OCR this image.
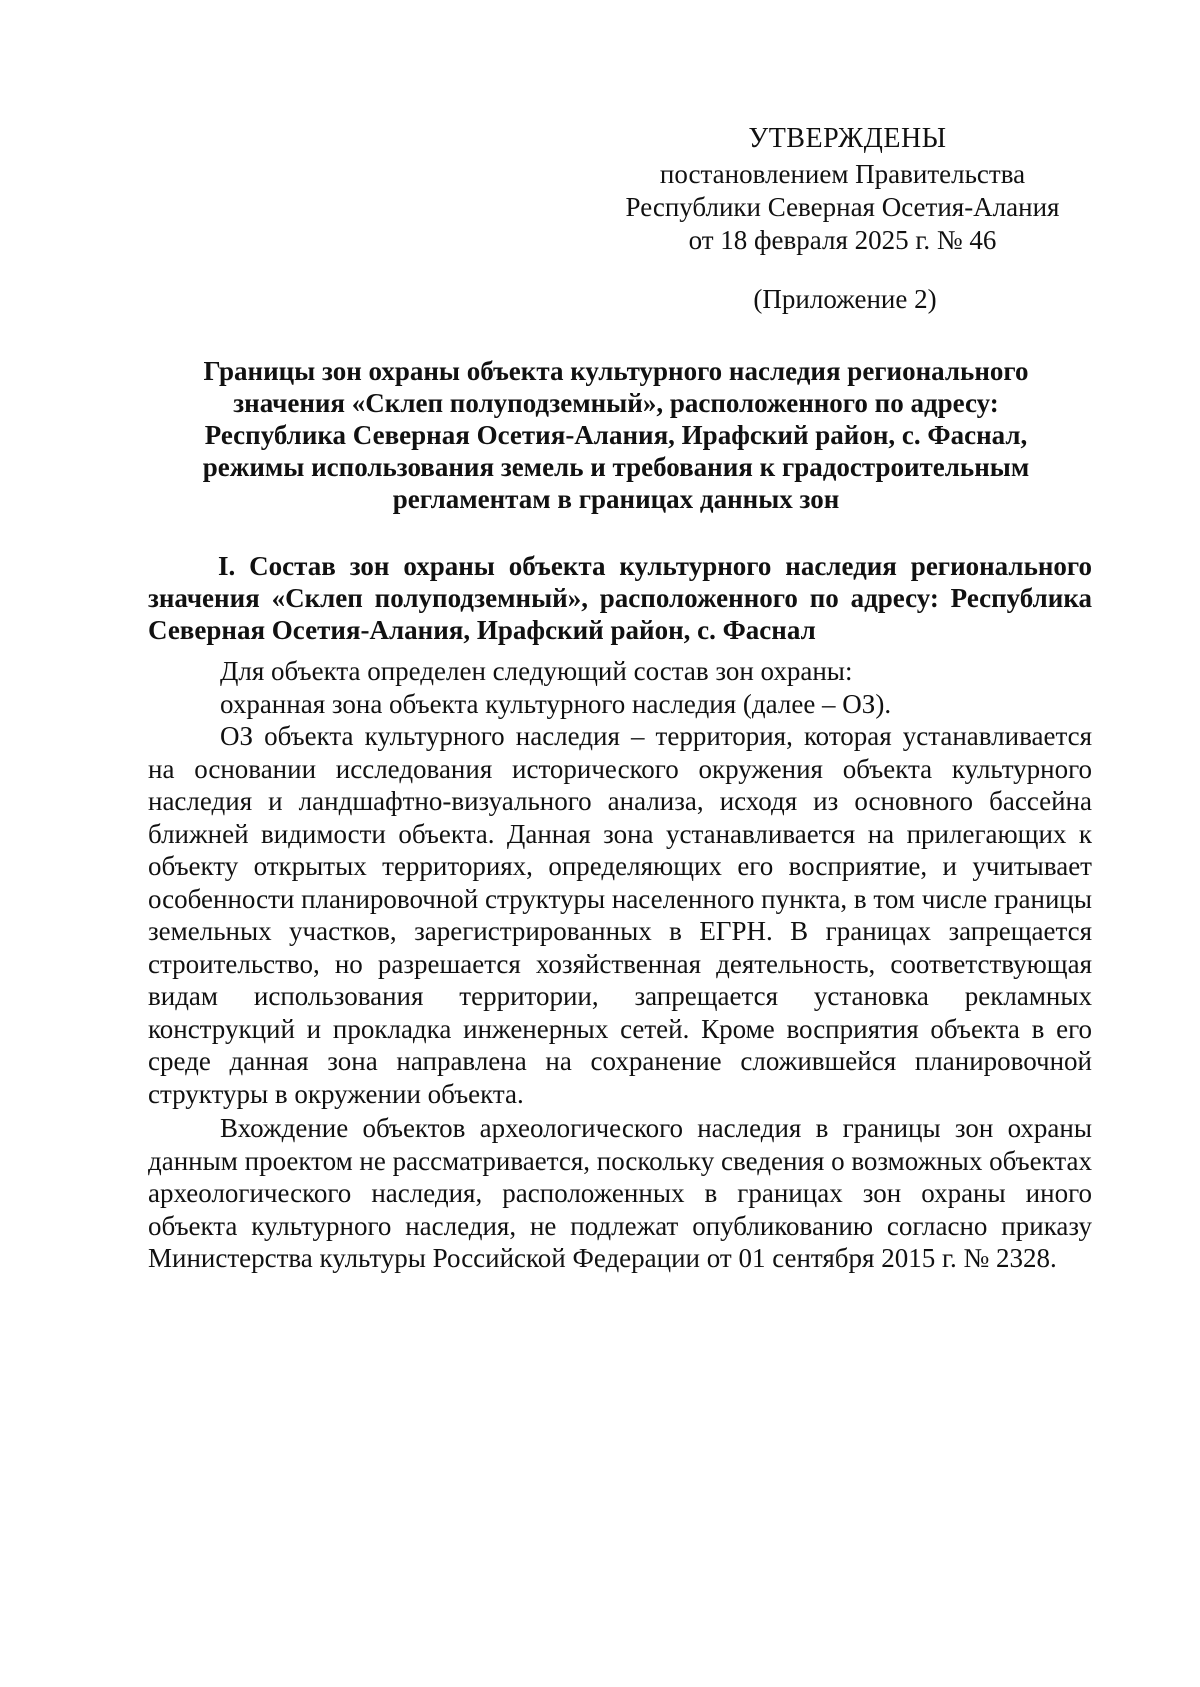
УТВЕРЖДЕНЫ
постановлением Правительства
Республики Северная Осетия-Алания
от 18 февраля 2025 г. № 46
(Приложение 2)
Границы зон охраны объекта культурного наследия регионального
значения «Склеп полуподземный», расположенного по адресу:
Республика Северная Осетия-Алания, Ирафский район, с. Фаснал,
режимы использования земель и требования к градостроительным
регламентам в границах данных зон
I. Состав зон охраны объекта культурного наследия регионального значения «Склеп полуподземный», расположенного по адресу: Республика Северная Осетия-Алания, Ирафский район, с. Фаснал

Для объекта определен следующий состав зон охраны:

охранная зона объекта культурного наследия (далее – ОЗ).

ОЗ объекта культурного наследия – территория, которая устанавливается на основании исследования исторического окружения объекта культурного наследия и ландшафтно-визуального анализа, исходя из основного бассейна ближней видимости объекта. Данная зона устанавливается на прилегающих к объекту открытых территориях, определяющих его восприятие, и учитывает особенности планировочной структуры населенного пункта, в том числе границы земельных участков, зарегистрированных в ЕГРН. В границах запрещается строительство, но разрешается хозяйственная деятельность, соответствующая видам использования территории, запрещается установка рекламных конструкций и прокладка инженерных сетей. Кроме восприятия объекта в его среде данная зона направлена на сохранение сложившейся планировочной структуры в окружении объекта.

Вхождение объектов археологического наследия в границы зон охраны данным проектом не рассматривается, поскольку сведения о возможных объектах археологического наследия, расположенных в границах зон охраны иного объекта культурного наследия, не подлежат опубликованию согласно приказу Министерства культуры Российской Федерации от 01 сентября 2015 г. № 2328.
